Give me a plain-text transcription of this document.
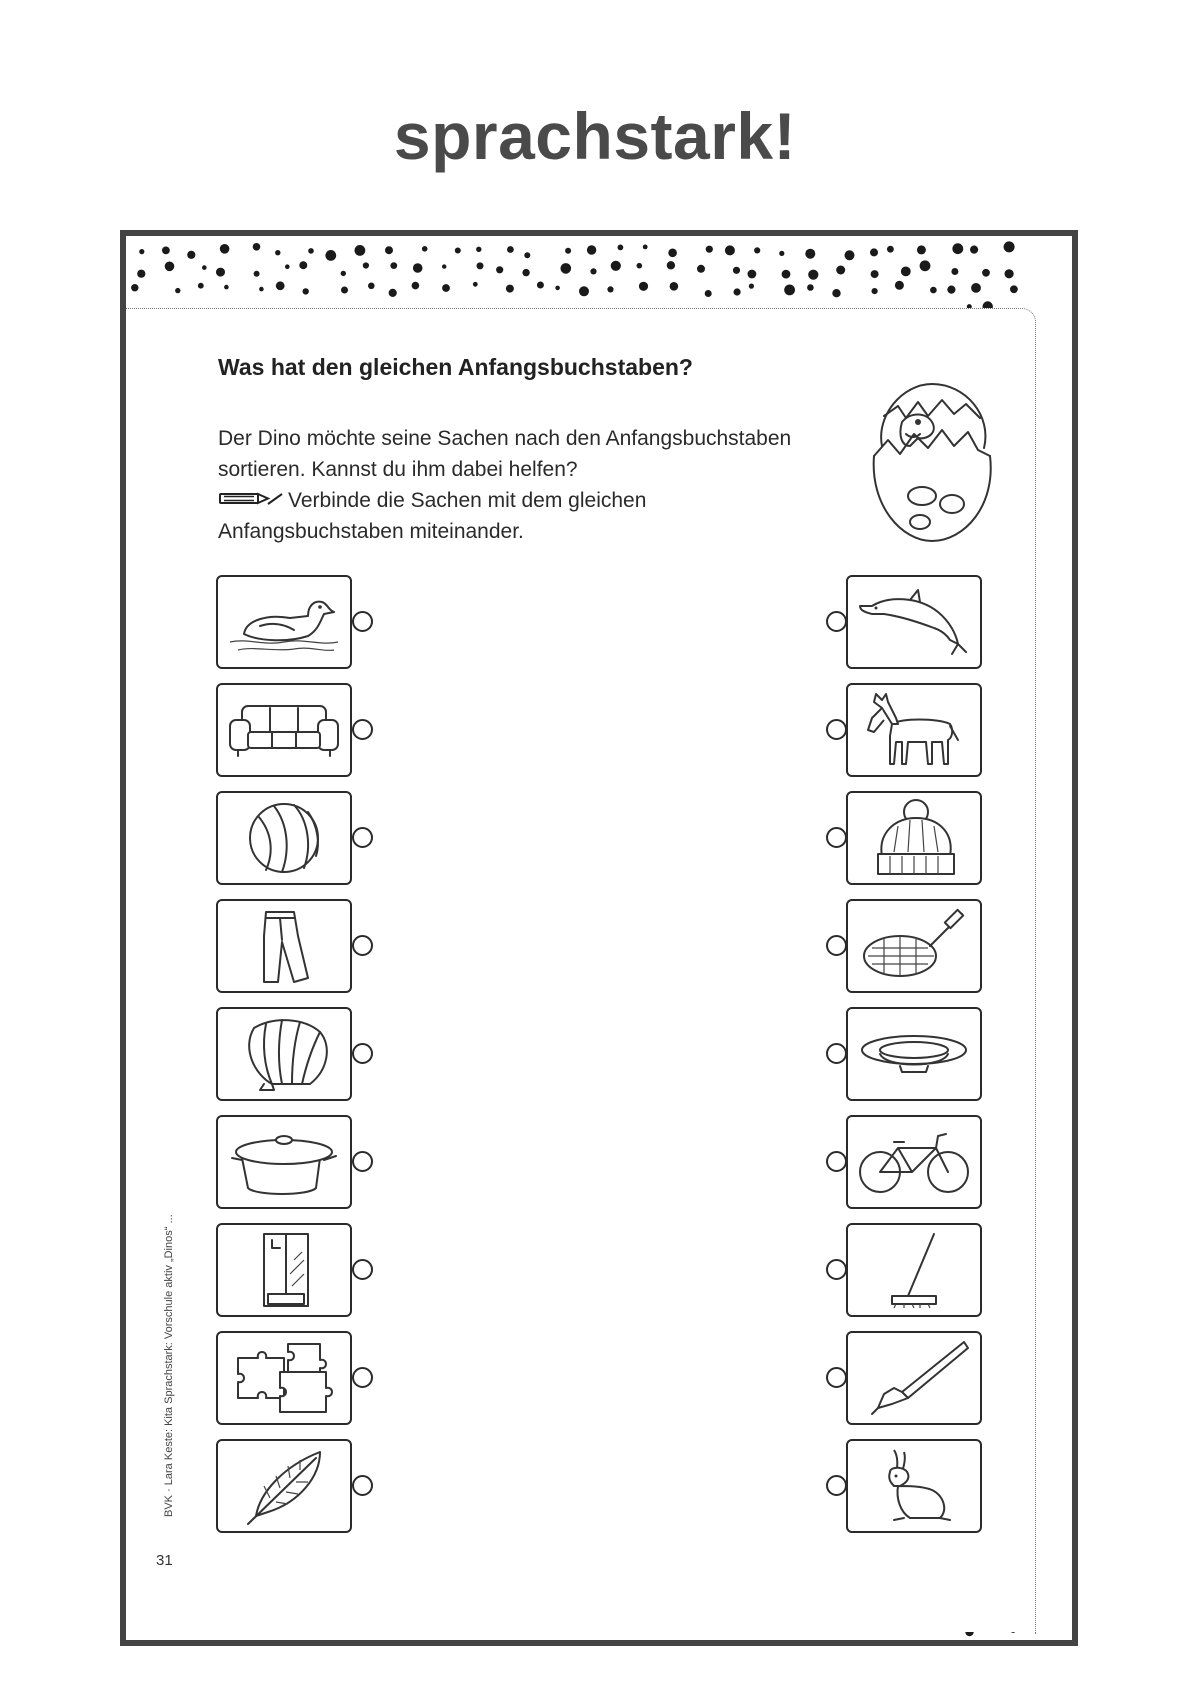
sprachstark!
Was hat den gleichen Anfangsbuchstaben?
Der Dino möchte seine Sachen nach den Anfangsbuchstaben
sortieren. Kannst du ihm dabei helfen?
Verbinde die Sachen mit dem gleichen
Anfangsbuchstaben miteinander.
BVK · Lara Keste: Kita Sprachstark: Vorschule aktiv „Dinos“ ...
31
